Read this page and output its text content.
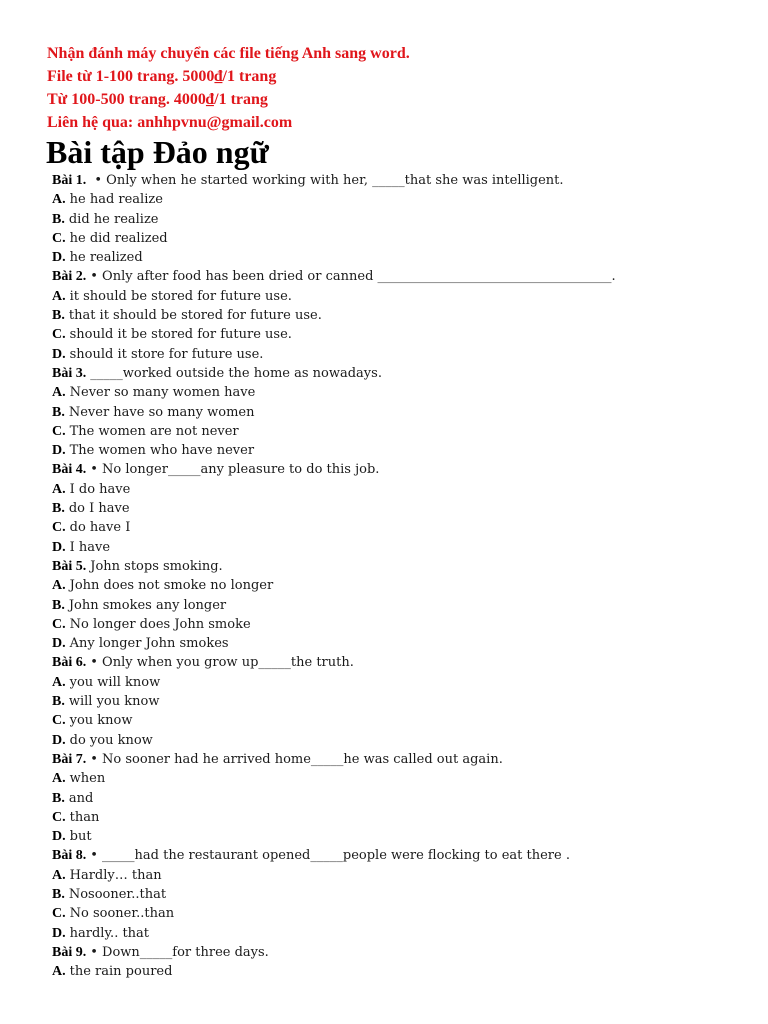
Nhận đánh máy chuyển các file tiếng Anh sang word.
File từ 1-100 trang. 5000₫/1 trang
Từ 100-500 trang. 4000₫/1 trang
Liên hệ qua: anhhpvnu@gmail.com
Bài tập Đảo ngữ
Bài 1. • Only when he started working with her, _____that she was intelligent.
A. he had realize
B. did he realize
C. he did realized
D. he realized
Bài 2. • Only after food has been dried or canned ____________________________________.
A. it should be stored for future use.
B. that it should be stored for future use.
C. should it be stored for future use.
D. should it store for future use.
Bài 3. _____worked outside the home as nowadays.
A. Never so many women have
B. Never have so many women
C. The women are not never
D. The women who have never
Bài 4. • No longer_____any pleasure to do this job.
A. I do have
B. do I have
C. do have I
D. I have
Bài 5. John stops smoking.
A. John does not smoke no longer
B. John smokes any longer
C. No longer does John smoke
D. Any longer John smokes
Bài 6. • Only when you grow up_____the truth.
A. you will know
B. will you know
C. you know
D. do you know
Bài 7. • No sooner had he arrived home_____he was called out again.
A. when
B. and
C. than
D. but
Bài 8. • _____had the restaurant opened_____people were flocking to eat there .
A. Hardly… than
B. Nosooner..that
C. No sooner..than
D. hardly.. that
Bài 9. • Down_____for three days.
A. the rain poured
